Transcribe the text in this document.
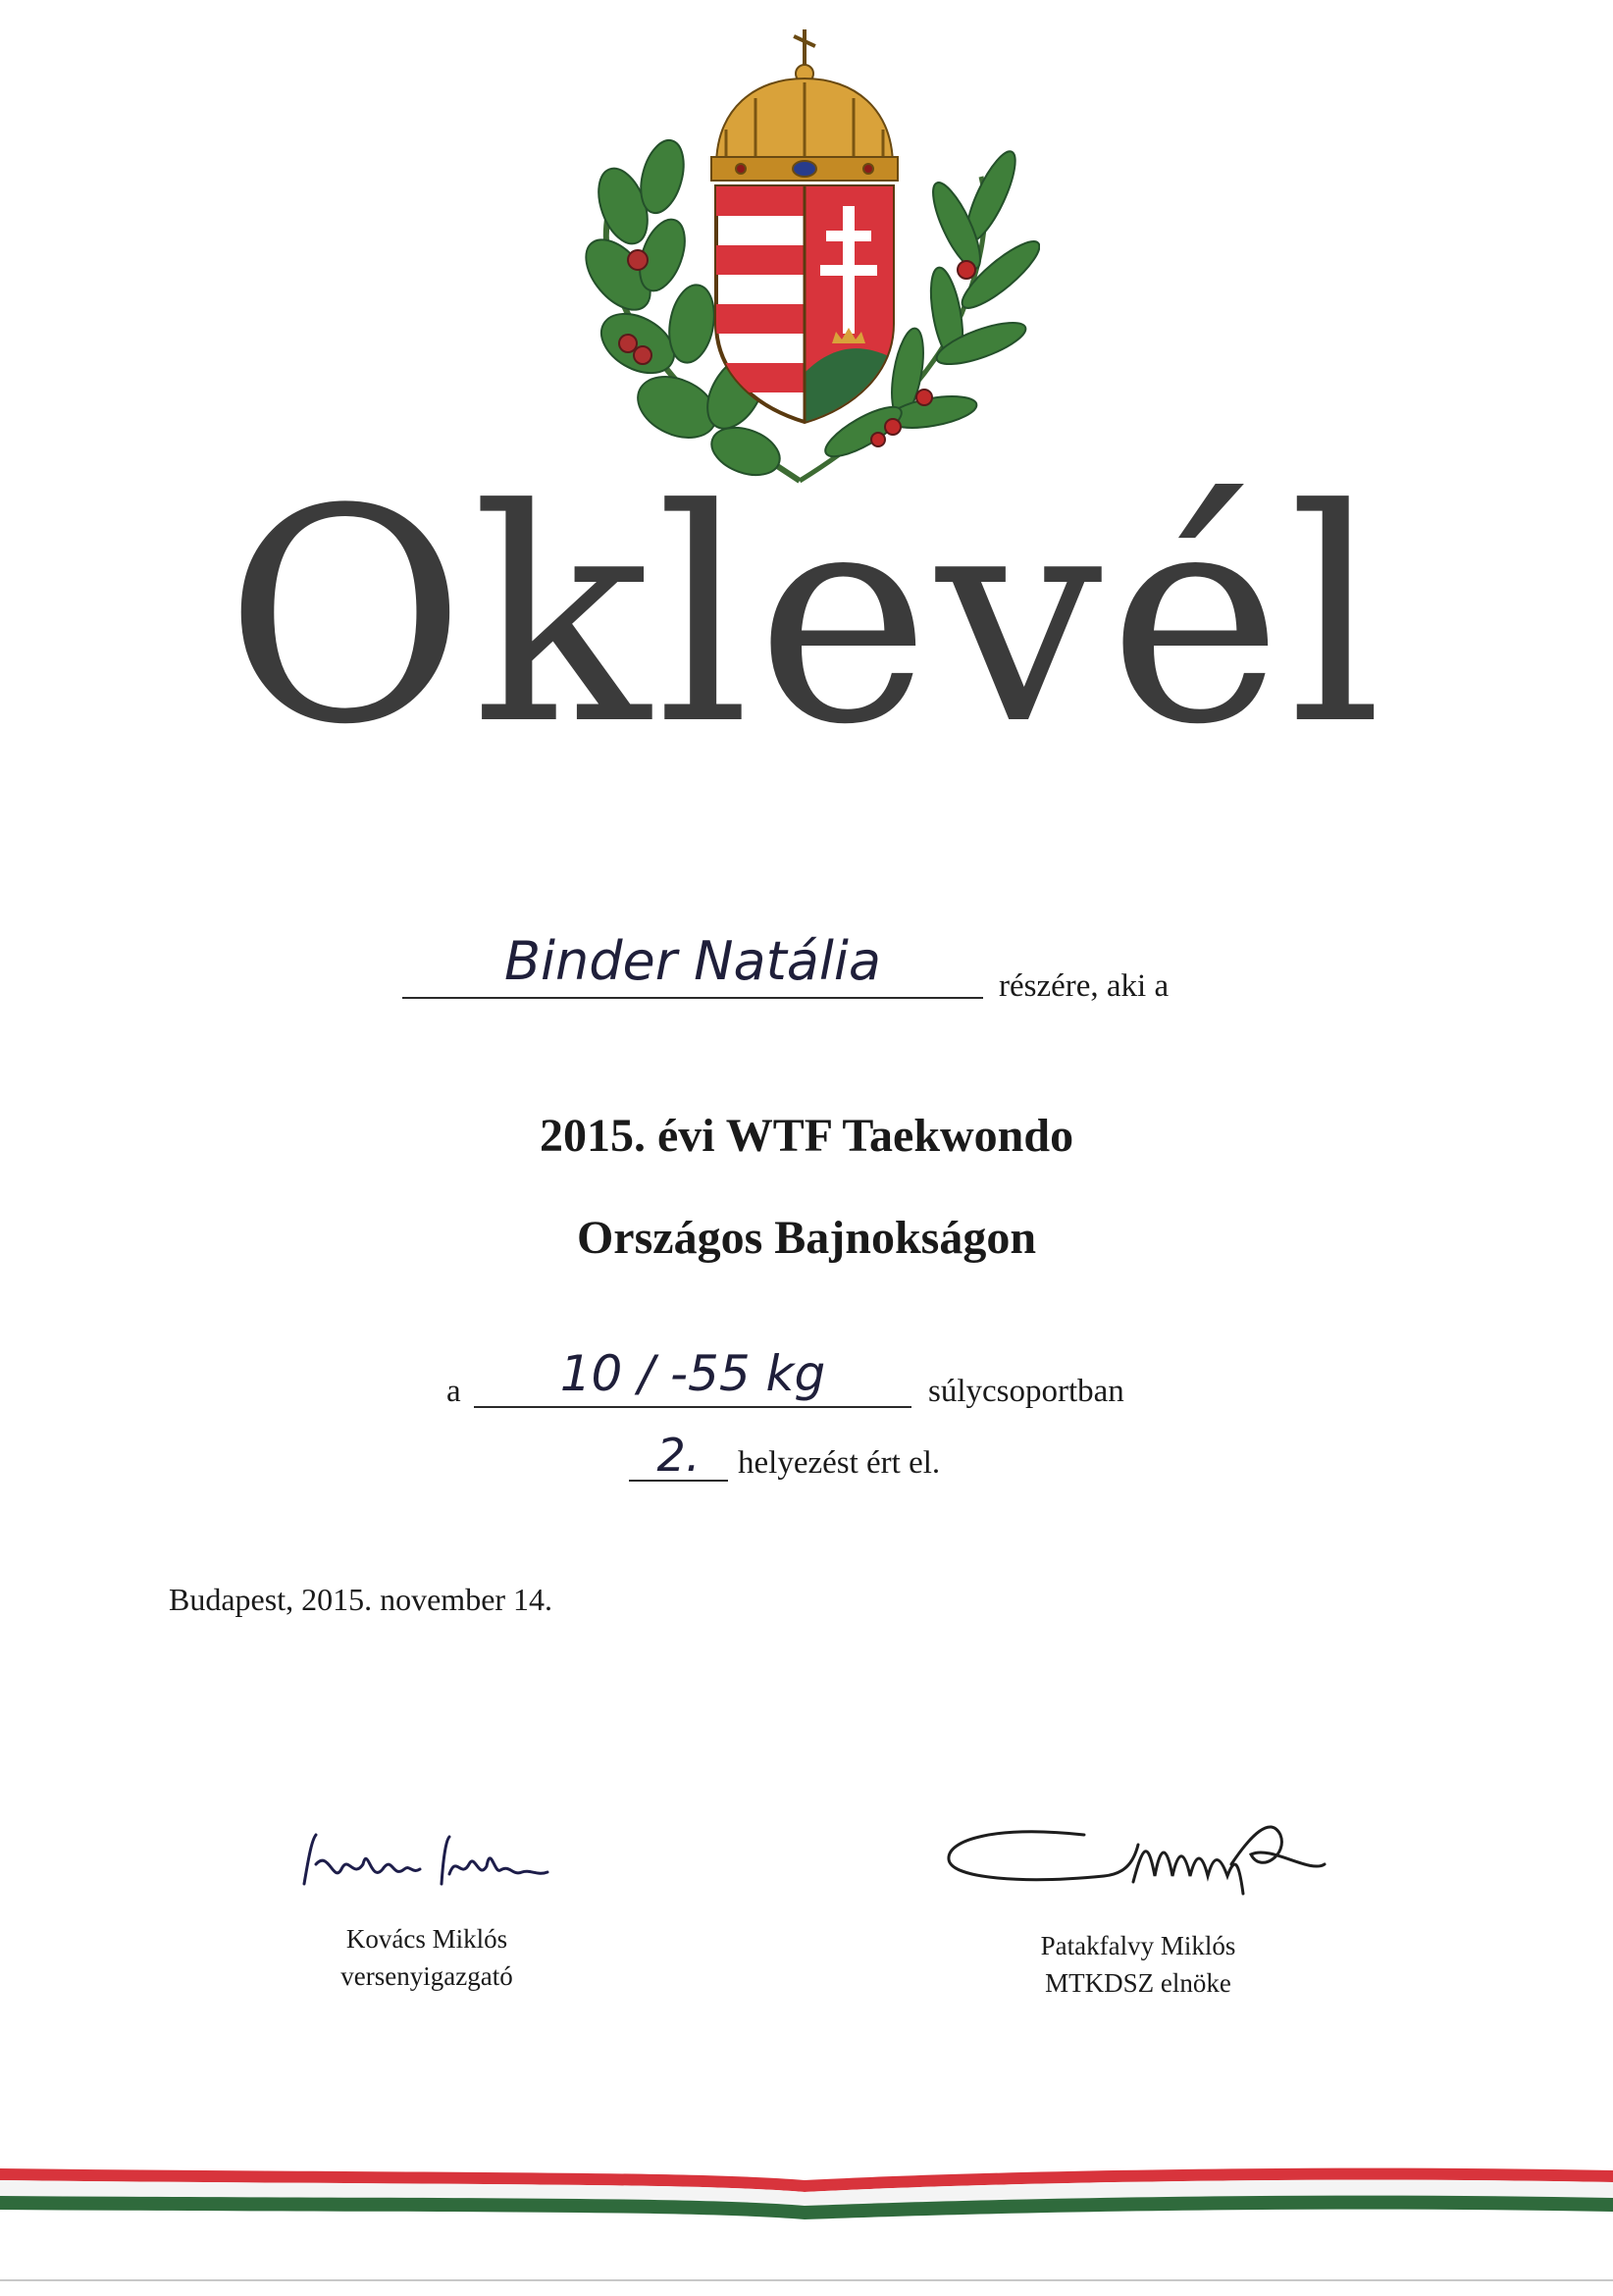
Oklevél
Binder Natália	részére, aki a
2015. évi WTF Taekwondo
Országos Bajnokságon
a	10 / -55 kg	súlycsoportban
2.	helyezést ért el.
Budapest, 2015. november 14.
Kovács Miklós
versenyigazgató
Patakfalvy Miklós
MTKDSZ elnöke
